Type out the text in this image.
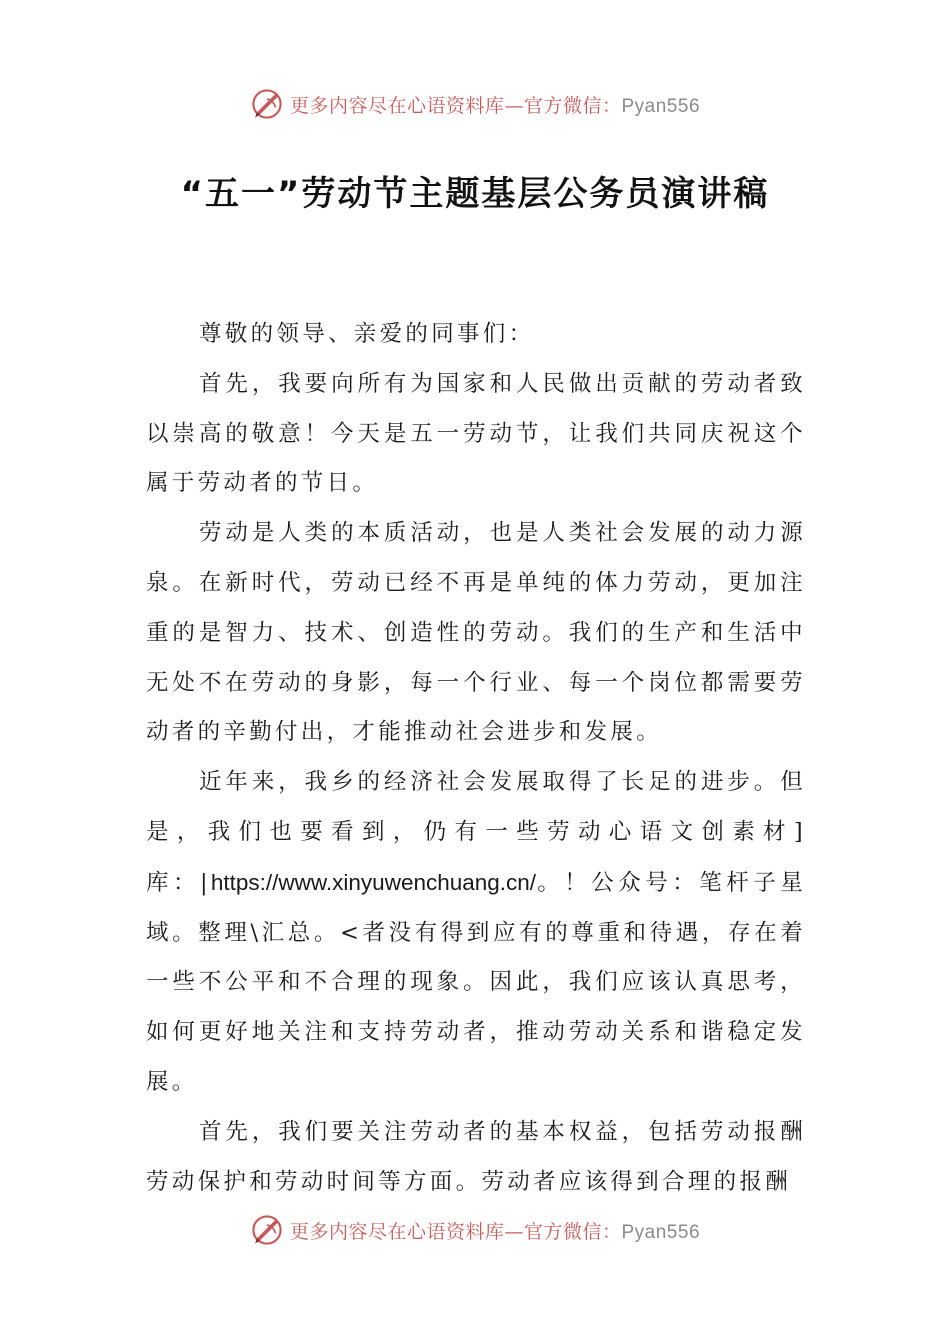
更多内容尽在心语资料库—官方微信：Pyan556
“五一”劳动节主题基层公务员演讲稿

尊敬的领导、亲爱的同事们：

首先，我要向所有为国家和人民做出贡献的劳动者致以崇高的敬意！今天是五一劳动节，让我们共同庆祝这个属于劳动者的节日。

劳动是人类的本质活动，也是人类社会发展的动力源泉。在新时代，劳动已经不再是单纯的体力劳动，更加注重的是智力、技术、创造性的劳动。我们的生产和生活中无处不在劳动的身影，每一个行业、每一个岗位都需要劳动者的辛勤付出，才能推动社会进步和发展。

近年来，我乡的经济社会发展取得了长足的进步。但是，我们也要看到，仍有一些劳动心语文创素材]库：|https://www.xinyuwenchuang.cn/。！公众号：笔杆子星域。整理\汇总。<者没有得到应有的尊重和待遇，存在着一些不公平和不合理的现象。因此，我们应该认真思考，如何更好地关注和支持劳动者，推动劳动关系和谐稳定发展。

首先，我们要关注劳动者的基本权益，包括劳动报酬劳动保护和劳动时间等方面。劳动者应该得到合理的报酬

更多内容尽在心语资料库—官方微信：Pyan556
